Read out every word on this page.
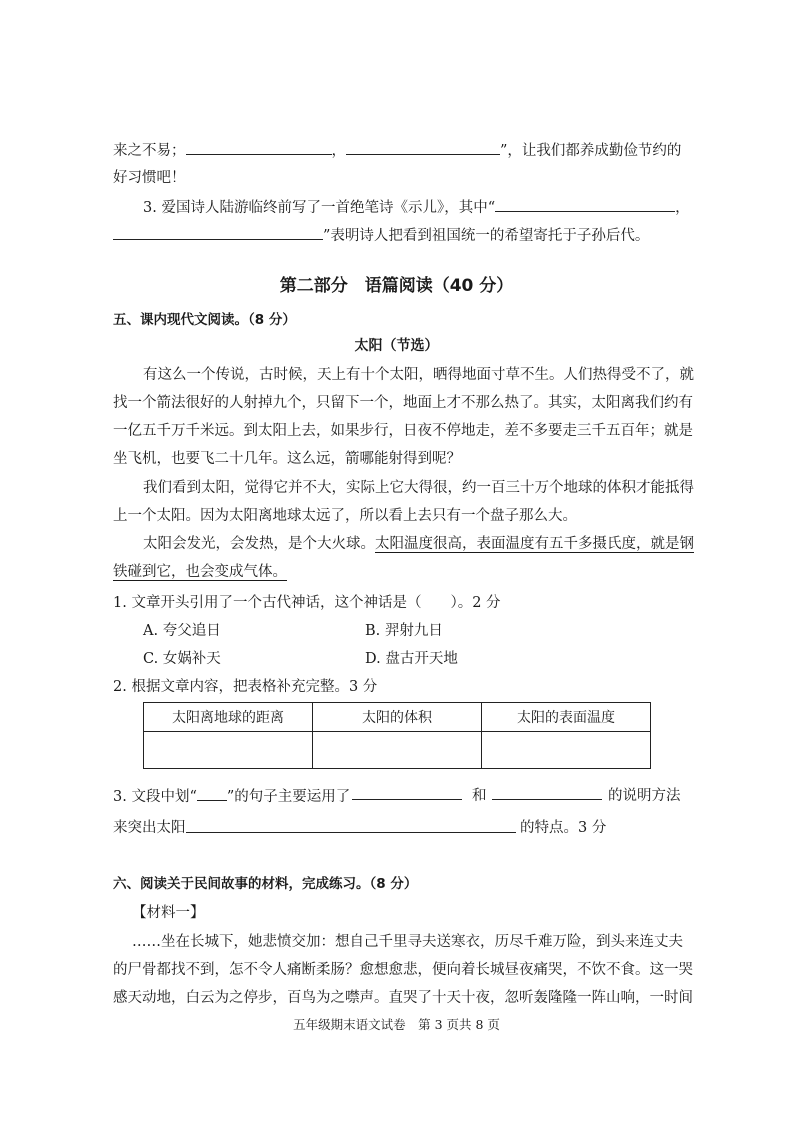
来之不易；	，	”，让我们都养成勤俭节约的
好习惯吧！
3. 爱国诗人陆游临终前写了一首绝笔诗《示儿》，其中“	，
”表明诗人把看到祖国统一的希望寄托于子孙后代。
第二部分　语篇阅读（40 分）
五、课内现代文阅读。（8 分）
太阳（节选）
有这么一个传说，古时候，天上有十个太阳，晒得地面寸草不生。人们热得受不了，就
找一个箭法很好的人射掉九个，只留下一个，地面上才不那么热了。其实，太阳离我们约有
一亿五千万千米远。到太阳上去，如果步行，日夜不停地走，差不多要走三千五百年；就是
坐飞机，也要飞二十几年。这么远，箭哪能射得到呢？
我们看到太阳，觉得它并不大，实际上它大得很，约一百三十万个地球的体积才能抵得
上一个太阳。因为太阳离地球太远了，所以看上去只有一个盘子那么大。
太阳会发光，会发热，是个大火球。太阳温度很高，表面温度有五千多摄氏度，就是钢
铁碰到它，也会变成气体。
1. 文章开头引用了一个古代神话，这个神话是（　　）。2 分
A. 夸父追日	B. 羿射九日
C. 女娲补天	D. 盘古开天地
2. 根据文章内容，把表格补充完整。3 分
太阳离地球的距离	太阳的体积	太阳的表面温度

3. 文段中划“ ”的句子主要运用了	和	的说明方法
来突出太阳	的特点。3 分
六、阅读关于民间故事的材料，完成练习。（8 分）
【材料一】
……坐在长城下，她悲愤交加：想自己千里寻夫送寒衣，历尽千难万险，到头来连丈夫
的尸骨都找不到，怎不令人痛断柔肠？愈想愈悲，便向着长城昼夜痛哭，不饮不食。这一哭
感天动地，白云为之停步，百鸟为之噤声。直哭了十天十夜，忽听轰隆隆一阵山响，一时间
五年级期末语文试卷　第 3 页共 8 页
